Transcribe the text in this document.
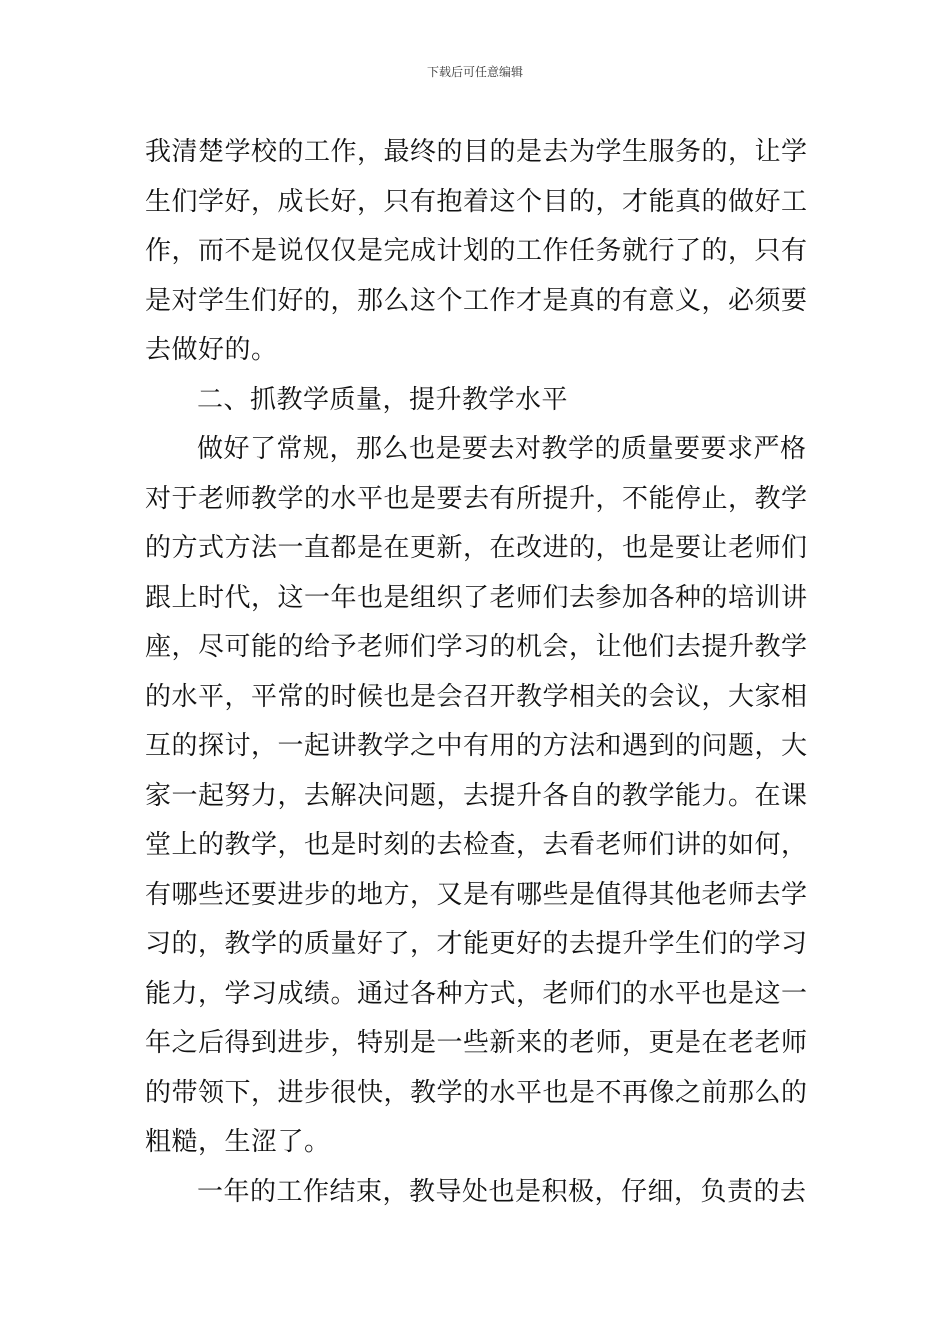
下载后可任意编辑
我清楚学校的工作，最终的目的是去为学生服务的，让学
生们学好，成长好，只有抱着这个目的，才能真的做好工
作，而不是说仅仅是完成计划的工作任务就行了的，只有
是对学生们好的，那么这个工作才是真的有意义，必须要
去做好的。
二、抓教学质量，提升教学水平
做好了常规，那么也是要去对教学的质量要要求严格
对于老师教学的水平也是要去有所提升，不能停止，教学
的方式方法一直都是在更新，在改进的，也是要让老师们
跟上时代，这一年也是组织了老师们去参加各种的培训讲
座，尽可能的给予老师们学习的机会，让他们去提升教学
的水平，平常的时候也是会召开教学相关的会议，大家相
互的探讨，一起讲教学之中有用的方法和遇到的问题，大
家一起努力，去解决问题，去提升各自的教学能力。在课
堂上的教学，也是时刻的去检查，去看老师们讲的如何，
有哪些还要进步的地方，又是有哪些是值得其他老师去学
习的，教学的质量好了，才能更好的去提升学生们的学习
能力，学习成绩。通过各种方式，老师们的水平也是这一
年之后得到进步，特别是一些新来的老师，更是在老老师
的带领下，进步很快，教学的水平也是不再像之前那么的
粗糙，生涩了。
一年的工作结束，教导处也是积极，仔细，负责的去
